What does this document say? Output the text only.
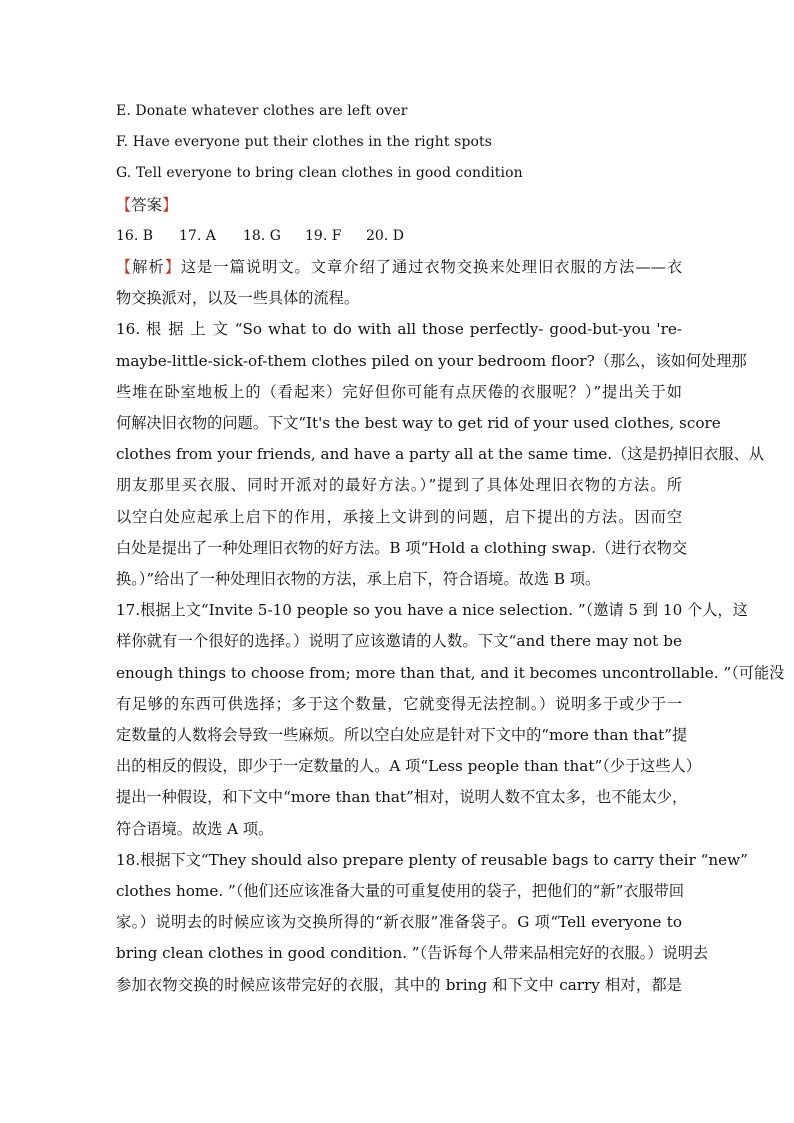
E. Donate whatever clothes are left over
F. Have everyone put their clothes in the right spots
G. Tell everyone to bring clean clothes in good condition
【答案】
16. B 17. A 18. G 19. F 20. D
【解析】这是一篇说明文。文章介绍了通过衣物交换来处理旧衣服的方法——衣
物交换派对，以及一些具体的流程。
16. 根 据 上 文 “So what to do with all those perfectly- good-but-you 're-
maybe-little-sick-of-them clothes piled on your bedroom floor?（那么，该如何处理那
些堆在卧室地板上的（看起来）完好但你可能有点厌倦的衣服呢？）”提出关于如
何解决旧衣物的问题。下文“It's the best way to get rid of your used clothes, score
clothes from your friends, and have a party all at the same time.（这是扔掉旧衣服、从
朋友那里买衣服、同时开派对的最好方法。）”提到了具体处理旧衣物的方法。所
以空白处应起承上启下的作用，承接上文讲到的问题，启下提出的方法。因而空
白处是提出了一种处理旧衣物的好方法。B 项“Hold a clothing swap.（进行衣物交
换。）”给出了一种处理旧衣物的方法，承上启下，符合语境。故选 B 项。
17.根据上文“Invite 5-10 people so you have a nice selection. ”（邀请 5 到 10 个人，这
样你就有一个很好的选择。）说明了应该邀请的人数。下文“and there may not be
enough things to choose from; more than that, and it becomes uncontrollable. ”（可能没
有足够的东西可供选择；多于这个数量，它就变得无法控制。）说明多于或少于一
定数量的人数将会导致一些麻烦。所以空白处应是针对下文中的“more than that”提
出的相反的假设，即少于一定数量的人。A 项“Less people than that”（少于这些人）
提出一种假设，和下文中“more than that”相对，说明人数不宜太多，也不能太少，
符合语境。故选 A 项。
18.根据下文“They should also prepare plenty of reusable bags to carry their “new”
clothes home. ”（他们还应该准备大量的可重复使用的袋子，把他们的“新”衣服带回
家。）说明去的时候应该为交换所得的“新衣服”准备袋子。G 项“Tell everyone to
bring clean clothes in good condition. ”（告诉每个人带来品相完好的衣服。）说明去
参加衣物交换的时候应该带完好的衣服，其中的 bring 和下文中 carry 相对，都是
